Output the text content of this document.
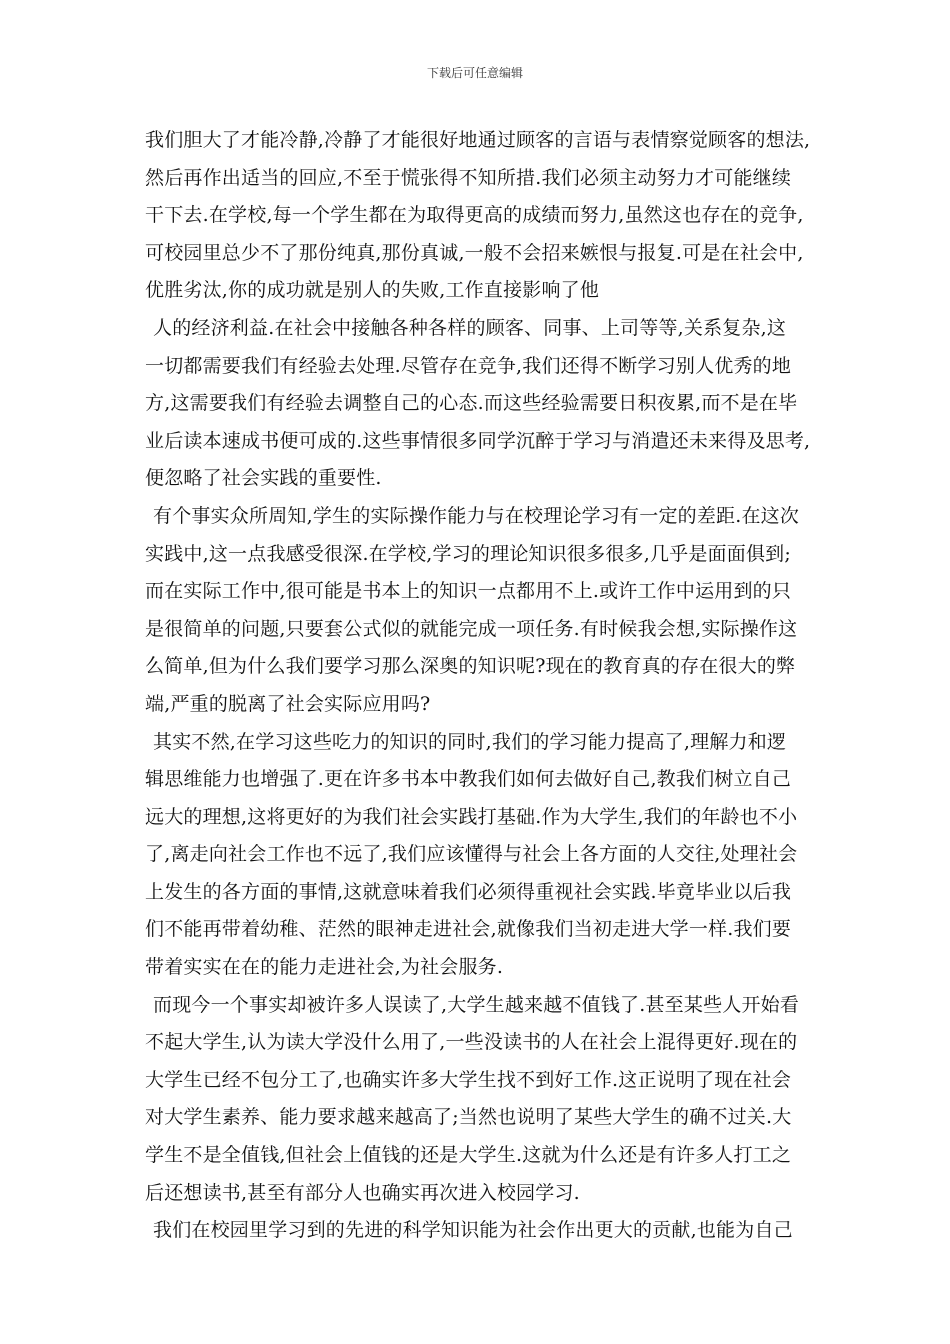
下载后可任意编辑

我们胆大了才能冷静,冷静了才能很好地通过顾客的言语与表情察觉顾客的想法,
然后再作出适当的回应,不至于慌张得不知所措.我们必须主动努力才可能继续
干下去.在学校,每一个学生都在为取得更高的成绩而努力,虽然这也存在的竞争,
可校园里总少不了那份纯真,那份真诚,一般不会招来嫉恨与报复.可是在社会中,
优胜劣汰,你的成功就是别人的失败,工作直接影响了他

人的经济利益.在社会中接触各种各样的顾客、同事、上司等等,关系复杂,这
一切都需要我们有经验去处理.尽管存在竞争,我们还得不断学习别人优秀的地
方,这需要我们有经验去调整自己的心态.而这些经验需要日积夜累,而不是在毕
业后读本速成书便可成的.这些事情很多同学沉醉于学习与消遣还未来得及思考,
便忽略了社会实践的重要性.

有个事实众所周知,学生的实际操作能力与在校理论学习有一定的差距.在这次
实践中,这一点我感受很深.在学校,学习的理论知识很多很多,几乎是面面俱到;
而在实际工作中,很可能是书本上的知识一点都用不上.或许工作中运用到的只
是很简单的问题,只要套公式似的就能完成一项任务.有时候我会想,实际操作这
么简单,但为什么我们要学习那么深奥的知识呢?现在的教育真的存在很大的弊
端,严重的脱离了社会实际应用吗?

其实不然,在学习这些吃力的知识的同时,我们的学习能力提高了,理解力和逻
辑思维能力也增强了.更在许多书本中教我们如何去做好自己,教我们树立自己
远大的理想,这将更好的为我们社会实践打基础.作为大学生,我们的年龄也不小
了,离走向社会工作也不远了,我们应该懂得与社会上各方面的人交往,处理社会
上发生的各方面的事情,这就意味着我们必须得重视社会实践.毕竟毕业以后我
们不能再带着幼稚、茫然的眼神走进社会,就像我们当初走进大学一样.我们要
带着实实在在的能力走进社会,为社会服务.

而现今一个事实却被许多人误读了,大学生越来越不值钱了.甚至某些人开始看
不起大学生,认为读大学没什么用了,一些没读书的人在社会上混得更好.现在的
大学生已经不包分工了,也确实许多大学生找不到好工作.这正说明了现在社会
对大学生素养、能力要求越来越高了;当然也说明了某些大学生的确不过关.大
学生不是全值钱,但社会上值钱的还是大学生.这就为什么还是有许多人打工之
后还想读书,甚至有部分人也确实再次进入校园学习.

我们在校园里学习到的先进的科学知识能为社会作出更大的贡献,也能为自己
